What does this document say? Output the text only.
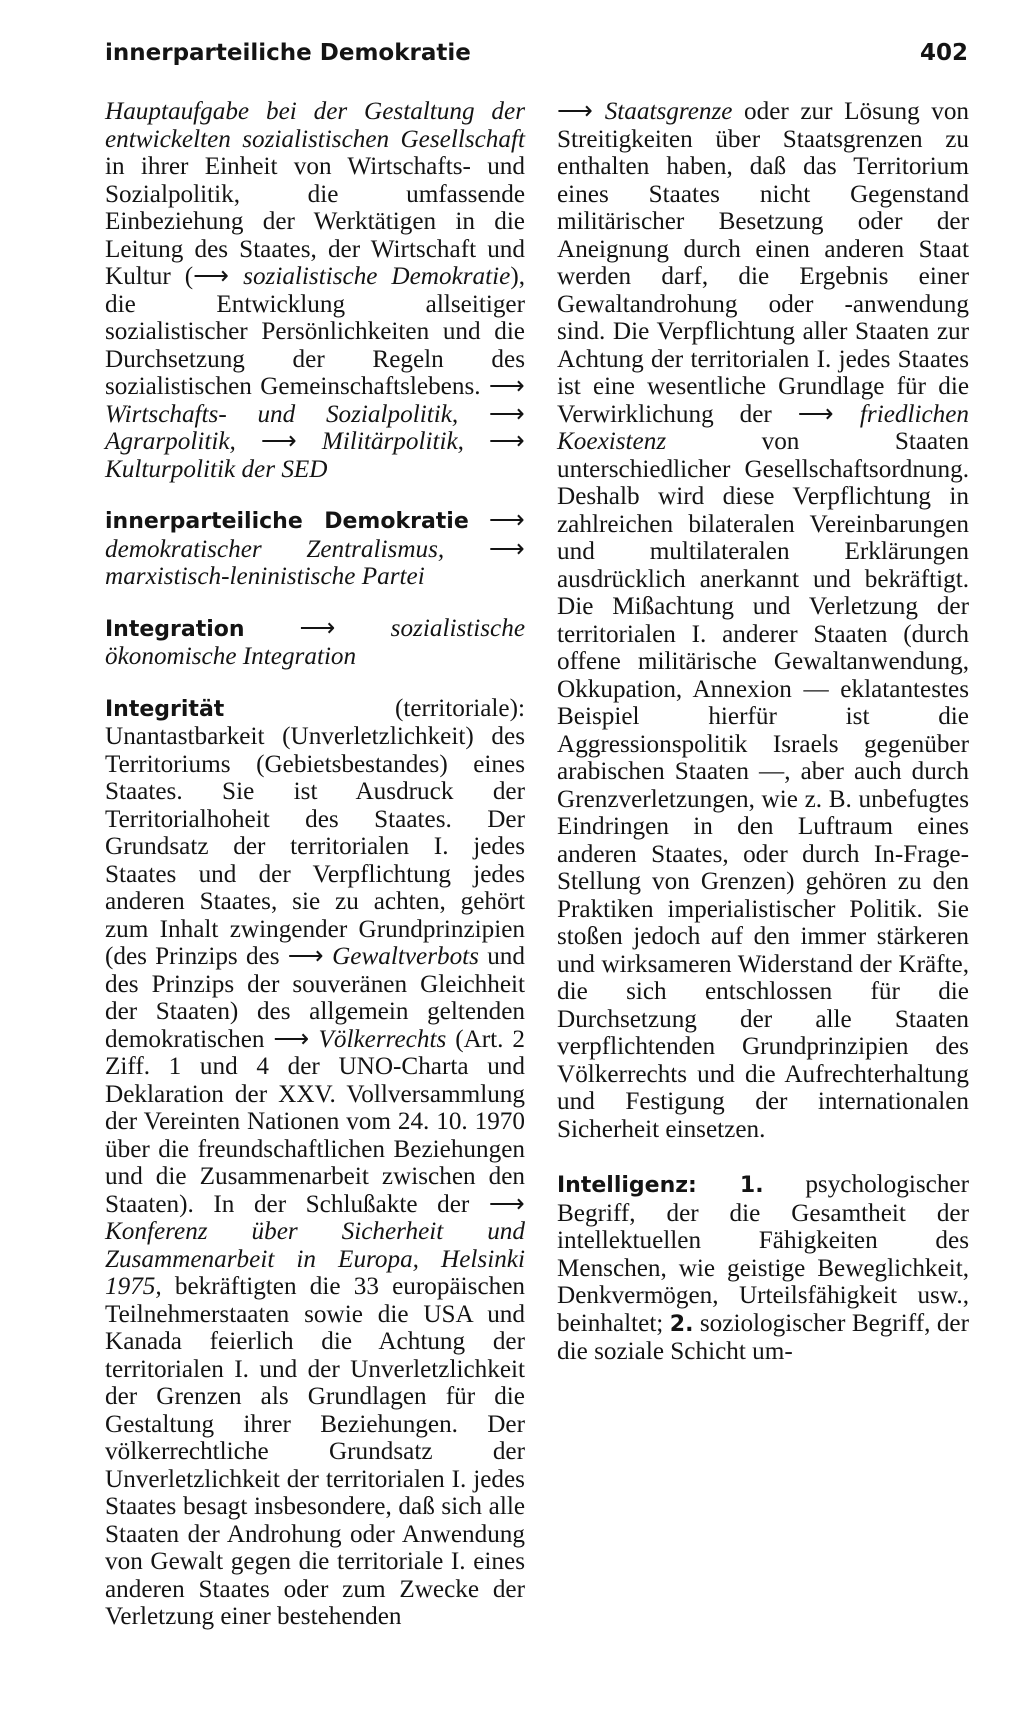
innerparteiliche Demokratie	402

Hauptaufgabe bei der Gestaltung der entwickelten sozialistischen Gesellschaft in ihrer Einheit von Wirtschafts- und Sozialpolitik, die umfassende Einbeziehung der Werktätigen in die Leitung des Staates, der Wirtschaft und Kultur (⟶ sozialistische Demokratie), die Entwicklung allseitiger sozialistischer Persönlichkeiten und die Durchsetzung der Regeln des sozialistischen Gemeinschaftslebens. ⟶ Wirtschafts- und Sozialpolitik, ⟶ Agrarpolitik, ⟶ Militärpolitik, ⟶ Kulturpolitik der SED

innerparteiliche Demokratie ⟶ demokratischer Zentralismus, ⟶ marxistisch-leninistische Partei

Integration ⟶ sozialistische ökonomische Integration

Integrität (territoriale): Unantastbarkeit (Unverletzlichkeit) des Territoriums (Gebietsbestandes) eines Staates. Sie ist Ausdruck der Territorialhoheit des Staates. Der Grundsatz der territorialen I. jedes Staates und der Verpflichtung jedes anderen Staates, sie zu achten, gehört zum Inhalt zwingender Grundprinzipien (des Prinzips des ⟶ Gewaltverbots und des Prinzips der souveränen Gleichheit der Staaten) des allgemein geltenden demokratischen ⟶ Völkerrechts (Art. 2 Ziff. 1 und 4 der UNO-Charta und Deklaration der XXV. Vollversammlung der Vereinten Nationen vom 24. 10. 1970 über die freundschaftlichen Beziehungen und die Zusammenarbeit zwischen den Staaten). In der Schlußakte der ⟶ Konferenz über Sicherheit und Zusammenarbeit in Europa, Helsinki 1975, bekräftigten die 33 europäischen Teilnehmerstaaten sowie die USA und Kanada feierlich die Achtung der territorialen I. und der Unverletzlichkeit der Grenzen als Grundlagen für die Gestaltung ihrer Beziehungen. Der völkerrechtliche Grundsatz der Unverletzlichkeit der territorialen I. jedes Staates besagt insbesondere, daß sich alle Staaten der Androhung oder Anwendung von Gewalt gegen die territoriale I. eines anderen Staates oder zum Zwecke der Verletzung einer bestehenden

⟶ Staatsgrenze oder zur Lösung von Streitigkeiten über Staatsgrenzen zu enthalten haben, daß das Territorium eines Staates nicht Gegenstand militärischer Besetzung oder der Aneignung durch einen anderen Staat werden darf, die Ergebnis einer Gewaltandrohung oder -anwendung sind. Die Verpflichtung aller Staaten zur Achtung der territorialen I. jedes Staates ist eine wesentliche Grundlage für die Verwirklichung der ⟶ friedlichen Koexistenz von Staaten unterschiedlicher Gesellschaftsordnung. Deshalb wird diese Verpflichtung in zahlreichen bilateralen Vereinbarungen und multilateralen Erklärungen ausdrücklich anerkannt und bekräftigt. Die Mißachtung und Verletzung der territorialen I. anderer Staaten (durch offene militärische Gewaltanwendung, Okkupation, Annexion — eklatantestes Beispiel hierfür ist die Aggressionspolitik Israels gegenüber arabischen Staaten —, aber auch durch Grenzverletzungen, wie z. B. unbefugtes Eindringen in den Luftraum eines anderen Staates, oder durch In-Frage-Stellung von Grenzen) gehören zu den Praktiken imperialistischer Politik. Sie stoßen jedoch auf den immer stärkeren und wirksameren Widerstand der Kräfte, die sich entschlossen für die Durchsetzung der alle Staaten verpflichtenden Grundprinzipien des Völkerrechts und die Aufrechterhaltung und Festigung der internationalen Sicherheit einsetzen.

Intelligenz: 1. psychologischer Begriff, der die Gesamtheit der intellektuellen Fähigkeiten des Menschen, wie geistige Beweglichkeit, Denkvermögen, Urteilsfähigkeit usw., beinhaltet; 2. soziologischer Begriff, der die soziale Schicht um-
